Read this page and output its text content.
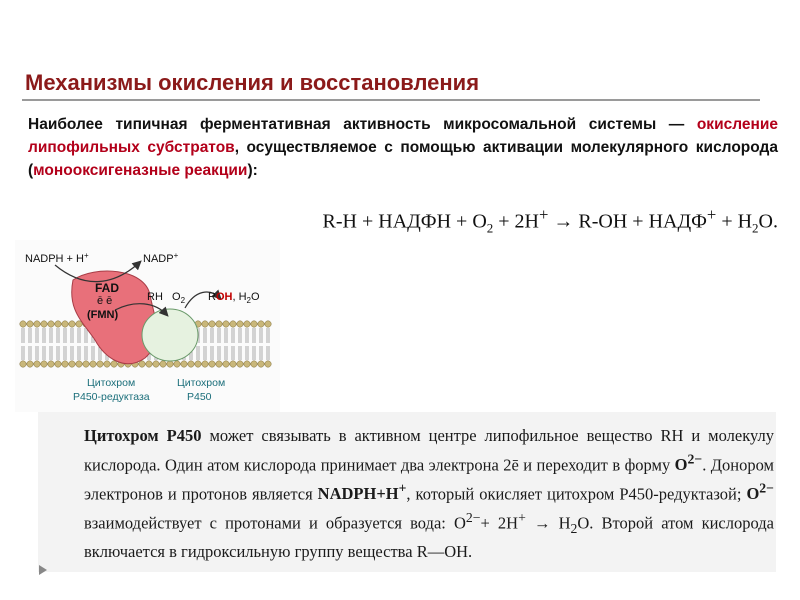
Механизмы окисления и восстановления
Наиболее типичная ферментативная активность микросомальной системы — окисление липофильных субстратов, осуществляемое с помощью активации молекулярного кислорода (монооксигеназные реакции):
R-H + НАДФН + $O_2 + 2H^+ \to R-OH$ + НАДФ+ + $H_2O$.
NADPH + H+	NADP+
FAD
ē ē
(FMN)
RH $O_2$ ROH, $H_2O$
Цитохром
Р450-редуктаза
Цитохром
Р450
Цитохром Р450 может связывать в активном центре липофильное вещество RH и молекулу кислорода. Один атом кислорода принимает два электрона 2ē и переходит в форму $O^{2-}$. Донором электронов и протонов является NADPH+H+, который окисляет цитохром Р450-редуктазой; $O^{2-}$ взаимодействует с протонами и образуется вода: $O^{2-}+ 2H^+ \to H_2O$. Второй атом кислорода включается в гидроксильную группу вещества R—OH.
